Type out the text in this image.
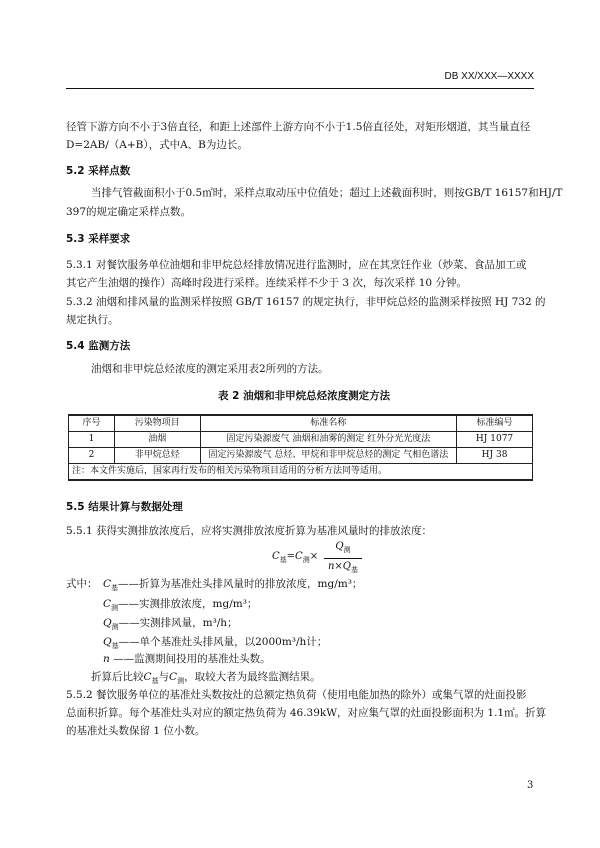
DB XX/XXX—XXXX
径管下游方向不小于3倍直径，和距上述部件上游方向不小于1.5倍直径处，对矩形烟道，其当量直径
D=2AB/（A+B），式中A、B为边长。
5.2 采样点数
当排气管截面积小于0.5㎡时，采样点取动压中位值处；超过上述截面积时，则按GB/T 16157和HJ/T
397的规定确定采样点数。
5.3 采样要求
5.3.1 对餐饮服务单位油烟和非甲烷总烃排放情况进行监测时，应在其烹饪作业（炒菜、食品加工或
其它产生油烟的操作）高峰时段进行采样。连续采样不少于 3 次，每次采样 10 分钟。
5.3.2 油烟和排风量的监测采样按照 GB/T 16157 的规定执行，非甲烷总烃的监测采样按照 HJ 732 的
规定执行。
5.4 监测方法
油烟和非甲烷总烃浓度的测定采用表2所列的方法。
表 2 油烟和非甲烷总烃浓度测定方法
序号	污染物项目	标准名称	标准编号
1	油烟	固定污染源废气 油烟和油雾的测定 红外分光光度法	HJ 1077
2	非甲烷总烃	固定污染源废气 总烃、甲烷和非甲烷总烃的测定 气相色谱法	HJ 38
注：本文件实施后，国家再行发布的相关污染物项目适用的分析方法同等适用。			
5.5 结果计算与数据处理
5.5.1 获得实测排放浓度后，应将实测排放浓度折算为基准风量时的排放浓度：
$C_基=C_测\times$
$Q_测$
$n\times Q_基$
式中： $C_基——$折算为基准灶头排风量时的排放浓度，mg/m³；
$C_测——$实测排放浓度，mg/m³；
$Q_测——$实测排风量，m³/h；
$Q_基——$单个基准灶头排风量，以2000m³/h计；
n ——监测期间投用的基准灶头数。
折算后比较$C_基$与$C_测$，取较大者为最终监测结果。
5.5.2 餐饮服务单位的基准灶头数按灶的总额定热负荷（使用电能加热的除外）或集气罩的灶面投影
总面积折算。每个基准灶头对应的额定热负荷为 46.39kW，对应集气罩的灶面投影面积为 1.1㎡。折算
的基准灶头数保留 1 位小数。
3
